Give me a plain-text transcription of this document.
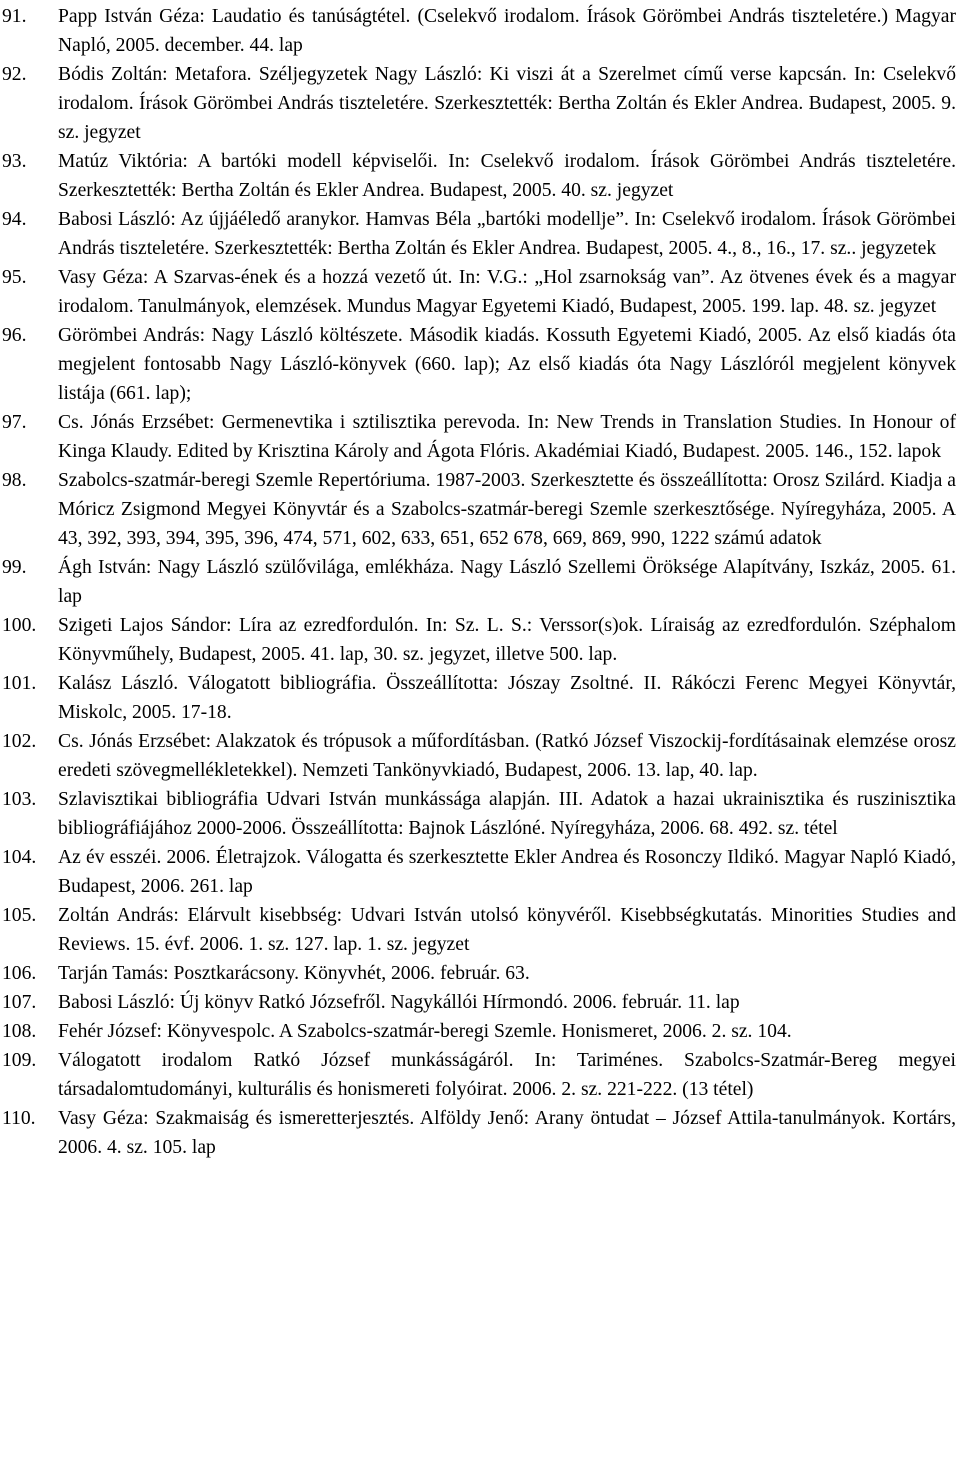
91.	Papp István Géza: Laudatio és tanúságtétel. (Cselekvő irodalom. Írások Görömbei András tiszteletére.) Magyar Napló, 2005. december. 44. lap
92.	Bódis Zoltán: Metafora. Széljegyzetek Nagy László: Ki viszi át a Szerelmet című verse kapcsán. In: Cselekvő irodalom. Írások Görömbei András tiszteletére. Szerkesztették: Bertha Zoltán és Ekler Andrea. Budapest, 2005. 9. sz. jegyzet
93.	Matúz Viktória: A bartóki modell képviselői. In: Cselekvő irodalom. Írások Görömbei András tiszteletére. Szerkesztették: Bertha Zoltán és Ekler Andrea. Budapest, 2005. 40. sz. jegyzet
94.	Babosi László: Az újjáéledő aranykor. Hamvas Béla „bartóki modellje”. In: Cselekvő irodalom. Írások Görömbei András tiszteletére. Szerkesztették: Bertha Zoltán és Ekler Andrea. Budapest, 2005. 4., 8., 16., 17. sz.. jegyzetek
95.	Vasy Géza: A Szarvas-ének és a hozzá vezető út. In: V.G.: „Hol zsarnokság van”. Az ötvenes évek és a magyar irodalom. Tanulmányok, elemzések. Mundus Magyar Egyetemi Kiadó, Budapest, 2005. 199. lap. 48. sz. jegyzet
96.	Görömbei András: Nagy László költészete. Második kiadás. Kossuth Egyetemi Kiadó, 2005. Az első kiadás óta megjelent fontosabb Nagy László-könyvek (660. lap); Az első kiadás óta Nagy Lászlóról megjelent könyvek listája (661. lap);
97.	Cs. Jónás Erzsébet: Germenevtika i sztilisztika perevoda. In: New Trends in Translation Studies. In Honour of Kinga Klaudy. Edited by Krisztina Károly and Ágota Flóris. Akadémiai Kiadó, Budapest. 2005. 146., 152. lapok
98.	Szabolcs-szatmár-beregi Szemle Repertóriuma. 1987-2003. Szerkesztette és összeállította: Orosz Szilárd. Kiadja a Móricz Zsigmond Megyei Könyvtár és a Szabolcs-szatmár-beregi Szemle szerkesztősége. Nyíregyháza, 2005. A 43, 392, 393, 394, 395, 396, 474, 571, 602, 633, 651, 652 678, 669, 869, 990, 1222 számú adatok
99.	Ágh István: Nagy László szülővilága, emlékháza. Nagy László Szellemi Öröksége Alapítvány, Iszkáz, 2005. 61. lap
100.	Szigeti Lajos Sándor: Líra az ezredfordulón. In: Sz. L. S.: Verssor(s)ok. Líraiság az ezredfordulón. Széphalom Könyvműhely, Budapest, 2005. 41. lap, 30. sz. jegyzet, illetve 500. lap.
101.	Kalász László. Válogatott bibliográfia. Összeállította: Jószay Zsoltné. II. Rákóczi Ferenc Megyei Könyvtár, Miskolc, 2005. 17-18.
102.	Cs. Jónás Erzsébet: Alakzatok és trópusok a műfordításban. (Ratkó József Viszockij-fordításainak elemzése orosz eredeti szövegmellékletekkel). Nemzeti Tankönyvkiadó, Budapest, 2006. 13. lap, 40. lap.
103.	Szlavisztikai bibliográfia Udvari István munkássága alapján. III. Adatok a hazai ukrainisztika és ruszinisztika bibliográfiájához 2000-2006. Összeállította: Bajnok Lászlóné. Nyíregyháza, 2006. 68. 492. sz. tétel
104.	Az év esszéi. 2006. Életrajzok. Válogatta és szerkesztette Ekler Andrea és Rosonczy Ildikó. Magyar Napló Kiadó, Budapest, 2006. 261. lap
105.	Zoltán András: Elárvult kisebbség: Udvari István utolsó könyvéről. Kisebbségkutatás. Minorities Studies and Reviews. 15. évf. 2006. 1. sz. 127. lap. 1. sz. jegyzet
106.	Tarján Tamás: Posztkarácsony. Könyvhét, 2006. február. 63.
107.	Babosi László: Új könyv Ratkó Józsefről. Nagykállói Hírmondó. 2006. február. 11. lap
108.	Fehér József: Könyvespolc. A Szabolcs-szatmár-beregi Szemle. Honismeret, 2006. 2. sz. 104.
109.	Válogatott irodalom Ratkó József munkásságáról. In: Tariménes. Szabolcs-Szatmár-Bereg megyei társadalomtudományi, kulturális és honismereti folyóirat. 2006. 2. sz. 221-222. (13 tétel)
110.	Vasy Géza: Szakmaiság és ismeretterjesztés. Alföldy Jenő: Arany öntudat – József Attila-tanulmányok. Kortárs, 2006. 4. sz. 105. lap
